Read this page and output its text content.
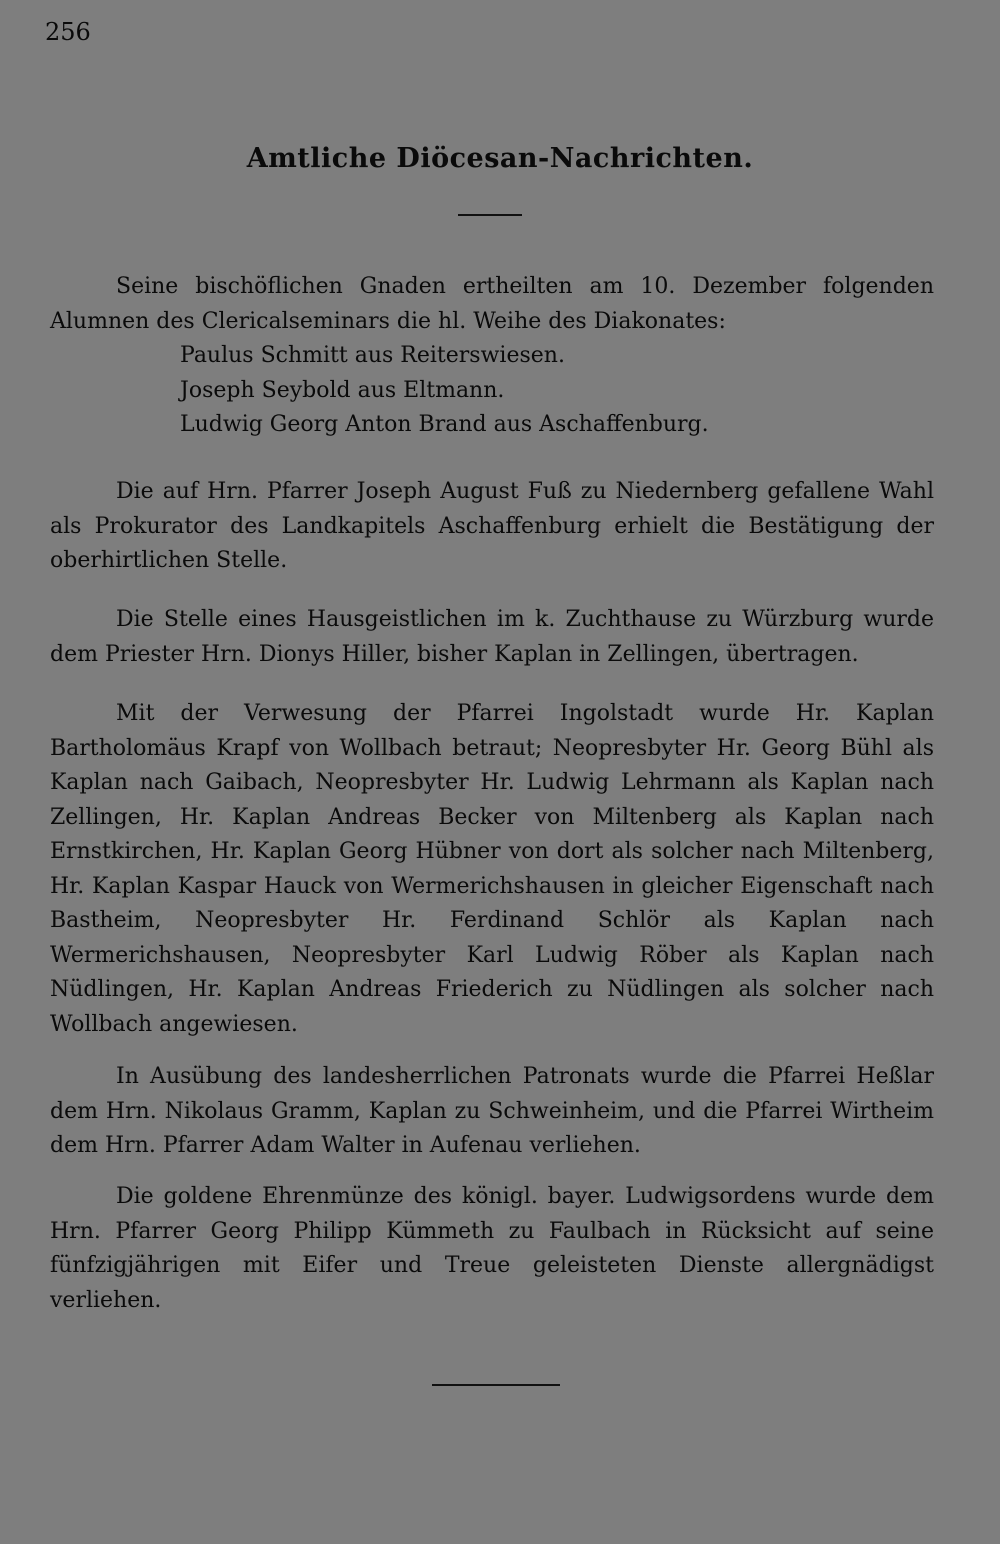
256
Amtliche Diöcesan-Nachrichten.

Seine bischöflichen Gnaden ertheilten am 10. Dezember folgenden Alumnen des Clericalseminars die hl. Weihe des Diakonates:

Paulus Schmitt aus Reiterswiesen.
Joseph Seybold aus Eltmann.
Ludwig Georg Anton Brand aus Aschaffenburg.

Die auf Hrn. Pfarrer Joseph August Fuß zu Niedernberg gefallene Wahl als Prokurator des Landkapitels Aschaffenburg erhielt die Bestätigung der oberhirtlichen Stelle.

Die Stelle eines Hausgeistlichen im k. Zuchthause zu Würzburg wurde dem Priester Hrn. Dionys Hiller, bisher Kaplan in Zellingen, übertragen.

Mit der Verwesung der Pfarrei Ingolstadt wurde Hr. Kaplan Bartholomäus Krapf von Wollbach betraut; Neopresbyter Hr. Georg Bühl als Kaplan nach Gaibach, Neopresbyter Hr. Ludwig Lehrmann als Kaplan nach Zellingen, Hr. Kaplan Andreas Becker von Miltenberg als Kaplan nach Ernstkirchen, Hr. Kaplan Georg Hübner von dort als solcher nach Miltenberg, Hr. Kaplan Kaspar Hauck von Wermerichshausen in gleicher Eigenschaft nach Bastheim, Neopresbyter Hr. Ferdinand Schlör als Kaplan nach Wermerichshausen, Neopresbyter Karl Ludwig Röber als Kaplan nach Nüdlingen, Hr. Kaplan Andreas Friederich zu Nüdlingen als solcher nach Wollbach angewiesen.

In Ausübung des landesherrlichen Patronats wurde die Pfarrei Heßlar dem Hrn. Nikolaus Gramm, Kaplan zu Schweinheim, und die Pfarrei Wirtheim dem Hrn. Pfarrer Adam Walter in Aufenau verliehen.

Die goldene Ehrenmünze des königl. bayer. Ludwigsordens wurde dem Hrn. Pfarrer Georg Philipp Kümmeth zu Faulbach in Rücksicht auf seine fünfzigjährigen mit Eifer und Treue geleisteten Dienste allergnädigst verliehen.
